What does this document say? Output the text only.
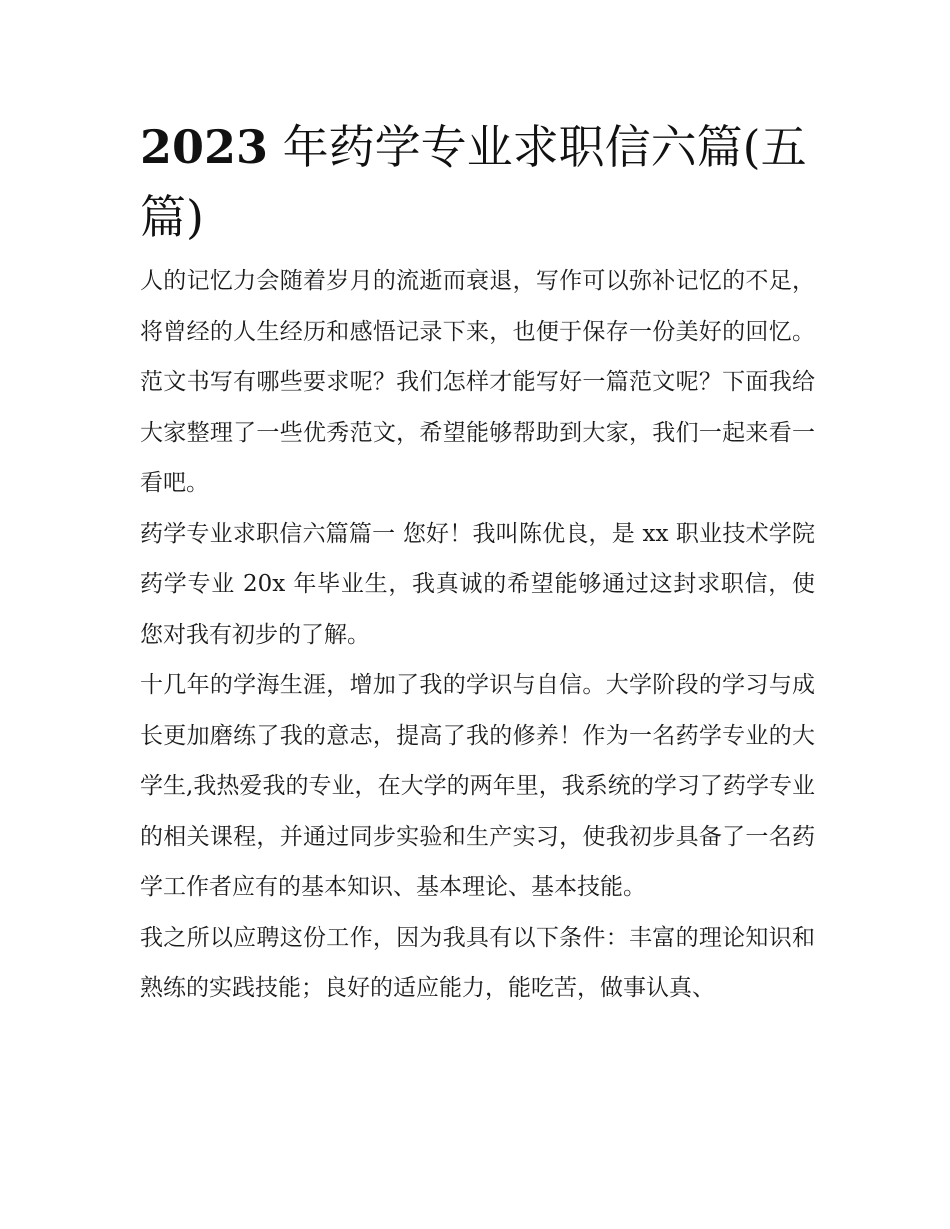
2023 年药学专业求职信六篇(五篇)

人的记忆力会随着岁月的流逝而衰退，写作可以弥补记忆的不足，将曾经的人生经历和感悟记录下来，也便于保存一份美好的回忆。范文书写有哪些要求呢？我们怎样才能写好一篇范文呢？下面我给大家整理了一些优秀范文，希望能够帮助到大家，我们一起来看一看吧。

药学专业求职信六篇篇一 您好！我叫陈优良，是 xx 职业技术学院药学专业 20x 年毕业生，我真诚的希望能够通过这封求职信，使您对我有初步的了解。

十几年的学海生涯，增加了我的学识与自信。大学阶段的学习与成长更加磨练了我的意志，提高了我的修养！作为一名药学专业的大学生,我热爱我的专业，在大学的两年里，我系统的学习了药学专业的相关课程，并通过同步实验和生产实习，使我初步具备了一名药学工作者应有的基本知识、基本理论、基本技能。

我之所以应聘这份工作，因为我具有以下条件：丰富的理论知识和熟练的实践技能；良好的适应能力，能吃苦，做事认真、
